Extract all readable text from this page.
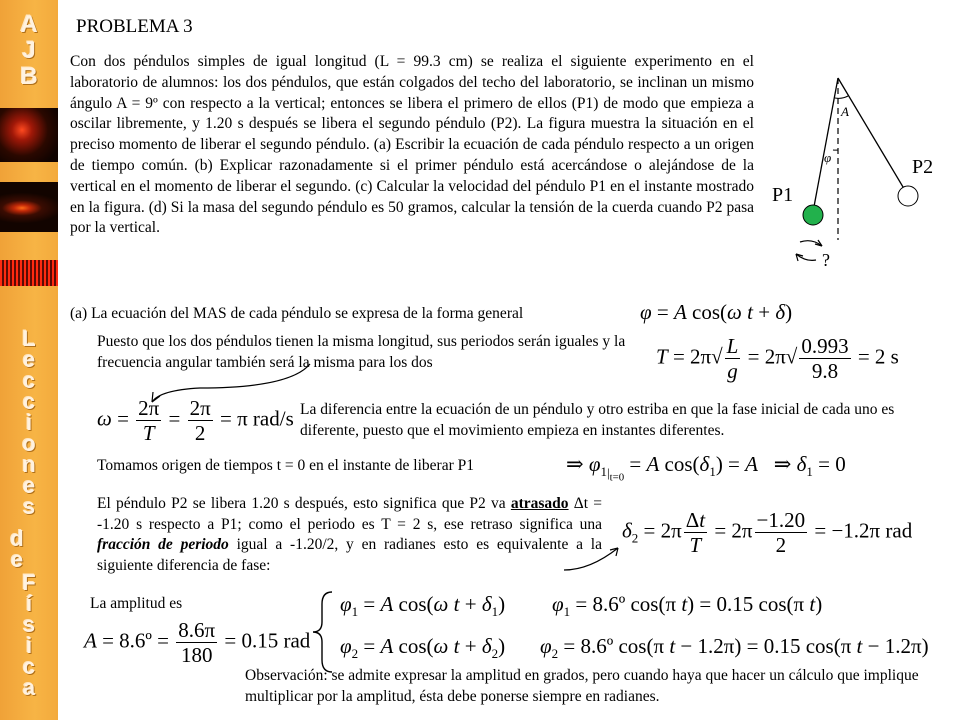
A
J
B
L
e
c
c
i
o
n
e
s
d
e
F
í
s
i
c
a
PROBLEMA 3
Con dos péndulos simples de igual longitud (L = 99.3 cm) se realiza el siguiente experimento en el laboratorio de alumnos: los dos péndulos, que están colgados del techo del laboratorio, se inclinan un mismo ángulo A = 9º con respecto a la vertical; entonces se libera el primero de ellos (P1) de modo que empieza a oscilar libremente, y 1.20 s después se libera el segundo péndulo (P2). La figura muestra la situación en el preciso momento de liberar el segundo péndulo. (a) Escribir la ecuación de cada péndulo respecto a un origen de tiempo común. (b) Explicar razonadamente si el primer péndulo está acercándose o alejándose de la vertical en el momento de liberar el segundo. (c) Calcular la velocidad del péndulo P1 en el instante mostrado en la figura. (d) Si la masa del segundo péndulo es 50 gramos, calcular la tensión de la cuerda cuando P2 pasa por la vertical.
A
φ
P1
P2
?
(a) La ecuación del MAS de cada péndulo se expresa de la forma general	φ = A cos(ω t + δ)
Puesto que los dos péndulos tienen la misma longitud, sus periodos serán iguales y la frecuencia angular también será la misma para los dos	$T = 2\pi√ \frac{L}{g} = 2\pi√ \frac{0.993}{9.8} = 2$ s
$\omega = \frac{2\pi}{T} = \frac{2\pi}{2} = \pi$ rad/s La diferencia entre la ecuación de un péndulo y otro estriba en que la fase inicial de cada uno es diferente, puesto que el movimiento empieza en instantes diferentes.
Tomamos origen de tiempos t = 0 en el instante de liberar P1	⇒ $\varphi_{1|_{t=0}} = A$ $\cos(\delta_1) = A$   ⇒ $\delta_1 = 0$
El péndulo P2 se libera 1.20 s después, esto significa que P2 va atrasado Δt = -1.20 s respecto a P1; como el periodo es T = 2 s, ese retraso significa una fracción de periodo igual a -1.20/2, y en radianes esto es equivalente a la siguiente diferencia de fase:
$\delta_2 = 2\pi \frac{\Delta t}{T} = 2\pi \frac{-1.20}{2} = -1.2\pi$ rad
La amplitud es
A = 8.6º = $\frac{8.6\pi}{180} = 0.15$ rad
$\varphi_1 = A$ cos(ω $t + \delta_1$)
$\varphi_2 = A$ cos(ω $t + \delta_2$)
$\varphi_1$ = 8.6º cos(π t) = 0.15 cos(π t)
$\varphi_2$ = 8.6º cos(π t − 1.2π) = 0.15 cos(π t − 1.2π)
Observación: se admite expresar la amplitud en grados, pero cuando haya que hacer un cálculo que implique multiplicar por la amplitud, ésta debe ponerse siempre en radianes.
